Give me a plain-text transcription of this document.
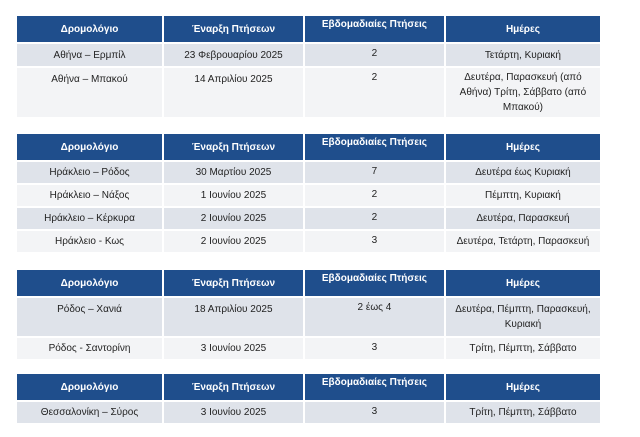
Δρομολόγιο	Έναρξη Πτήσεων	Εβδομαδιαίες Πτήσεις	Ημέρες

Αθήνα – Ερμπίλ	23 Φεβρουαρίου 2025	2	Τετάρτη, Κυριακή

Αθήνα – Μπακού	14 Απριλίου 2025	2	Δευτέρα, Παρασκευή (από Αθήνα) Τρίτη, Σάββατο (από Μπακού)
Δρομολόγιο	Έναρξη Πτήσεων	Εβδομαδιαίες Πτήσεις	Ημέρες

Ηράκλειο – Ρόδος	30 Μαρτίου 2025	7	Δευτέρα έως Κυριακή

Ηράκλειο – Νάξος	1 Ιουνίου 2025	2	Πέμπτη, Κυριακή

Ηράκλειο – Κέρκυρα	2 Ιουνίου 2025	2	Δευτέρα, Παρασκευή

Ηράκλειο - Κως	2 Ιουνίου 2025	3	Δευτέρα, Τετάρτη, Παρασκευή
Δρομολόγιο	Έναρξη Πτήσεων	Εβδομαδιαίες Πτήσεις	Ημέρες

Ρόδος – Χανιά	18 Απριλίου 2025	2 έως 4	Δευτέρα, Πέμπτη, Παρασκευή, Κυριακή

Ρόδος - Σαντορίνη	3 Ιουνίου 2025	3	Τρίτη, Πέμπτη, Σάββατο
Δρομολόγιο	Έναρξη Πτήσεων	Εβδομαδιαίες Πτήσεις	Ημέρες

Θεσσαλονίκη – Σύρος	3 Ιουνίου 2025	3	Τρίτη, Πέμπτη, Σάββατο
